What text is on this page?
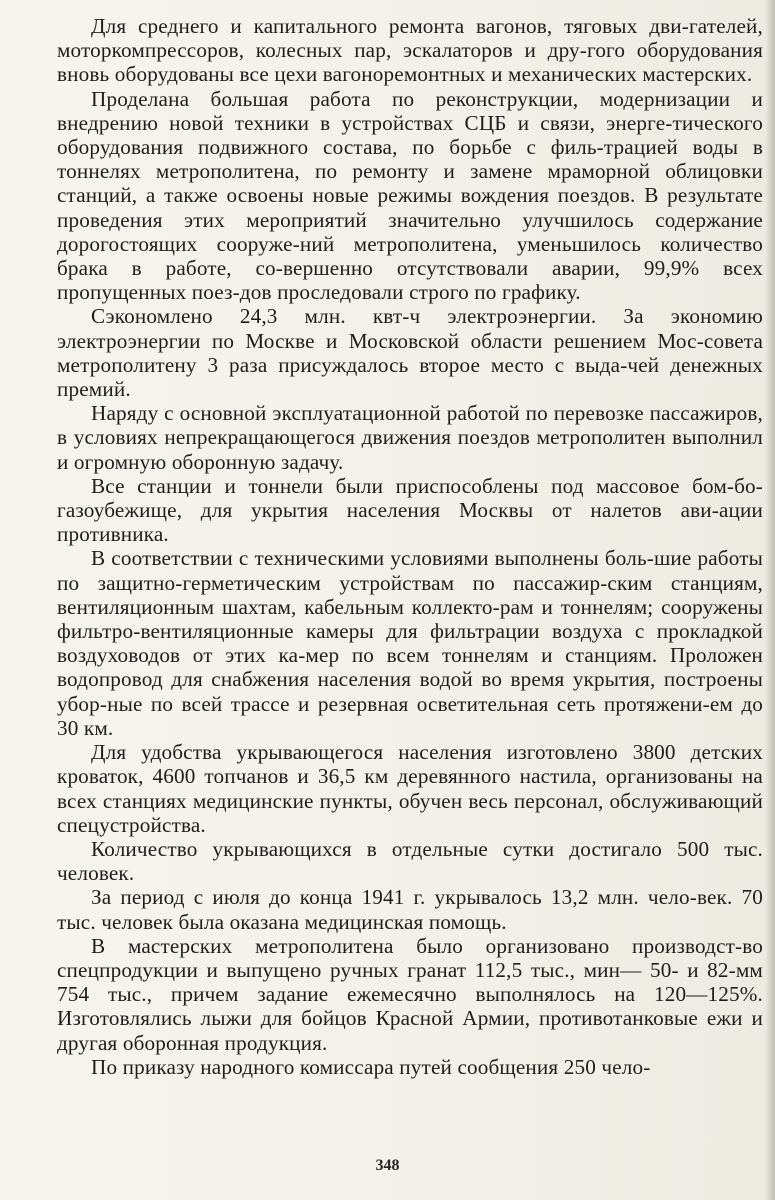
Для среднего и капитального ремонта вагонов, тяговых дви-гателей, моторкомпрессоров, колесных пар, эскалаторов и дру-гого оборудования вновь оборудованы все цехи вагоноремонтных и механических мастерских.

Проделана большая работа по реконструкции, модернизации и внедрению новой техники в устройствах СЦБ и связи, энерге-тического оборудования подвижного состава, по борьбе с филь-трацией воды в тоннелях метрополитена, по ремонту и замене мраморной облицовки станций, а также освоены новые режимы вождения поездов. В результате проведения этих мероприятий значительно улучшилось содержание дорогостоящих сооруже-ний метрополитена, уменьшилось количество брака в работе, со-вершенно отсутствовали аварии, 99,9% всех пропущенных поез-дов проследовали строго по графику.

Сэкономлено 24,3 млн. квт-ч электроэнергии. За экономию электроэнергии по Москве и Московской области решением Мос-совета метрополитену 3 раза присуждалось второе место с выда-чей денежных премий.

Наряду с основной эксплуатационной работой по перевозке пассажиров, в условиях непрекращающегося движения поездов метрополитен выполнил и огромную оборонную задачу.

Все станции и тоннели были приспособлены под массовое бом-бо-газоубежище, для укрытия населения Москвы от налетов ави-ации противника.

В соответствии с техническими условиями выполнены боль-шие работы по защитно-герметическим устройствам по пассажир-ским станциям, вентиляционным шахтам, кабельным коллекто-рам и тоннелям; сооружены фильтро-вентиляционные камеры для фильтрации воздуха с прокладкой воздуховодов от этих ка-мер по всем тоннелям и станциям. Проложен водопровод для снабжения населения водой во время укрытия, построены убор-ные по всей трассе и резервная осветительная сеть протяжени-ем до 30 км.

Для удобства укрывающегося населения изготовлено 3800 детских кроваток, 4600 топчанов и 36,5 км деревянного настила, организованы на всех станциях медицинские пункты, обучен весь персонал, обслуживающий спецустройства.

Количество укрывающихся в отдельные сутки достигало 500 тыс. человек.

За период с июля до конца 1941 г. укрывалось 13,2 млн. чело-век. 70 тыс. человек была оказана медицинская помощь.

В мастерских метрополитена было организовано производст-во спецпродукции и выпущено ручных гранат 112,5 тыс., мин— 50- и 82-мм 754 тыс., причем задание ежемесячно выполнялось на 120—125%. Изготовлялись лыжи для бойцов Красной Армии, противотанковые ежи и другая оборонная продукция.

По приказу народного комиссара путей сообщения 250 чело-

348
